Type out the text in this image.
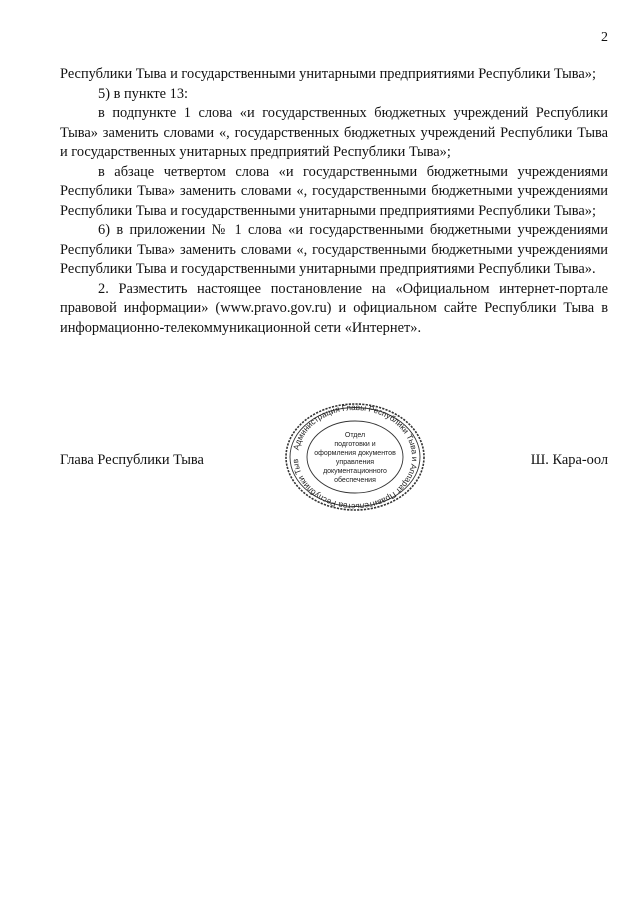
2

Республики Тыва и государственными унитарными предприятиями Республики Тыва»;

5) в пункте 13:

в подпункте 1 слова «и государственных бюджетных учреждений Республики Тыва» заменить словами «, государственных бюджетных учреждений Республики Тыва и государственных унитарных предприятий Республики Тыва»;

в абзаце четвертом слова «и государственными бюджетными учреждениями Республики Тыва» заменить словами «, государственными бюджетными учреждениями Республики Тыва и государственными унитарными предприятиями Республики Тыва»;

6) в приложении № 1 слова «и государственными бюджетными учреждениями Республики Тыва» заменить словами «, государственными бюджетными учреждениями Республики Тыва и государственными унитарными предприятиями Республики Тыва».

2. Разместить настоящее постановление на «Официальном интернет-портале правовой информации» (www.pravo.gov.ru) и официальном сайте Республики Тыва в информационно-телекоммуникационной сети «Интернет».

Глава Республики Тыва	Ш. Кара-оол
Администрация Главы Республики Тыва и Аппарат Правительства Республики Тыв
Отдел
подготовки и
оформления документов
управления
документационного
обеспечения
